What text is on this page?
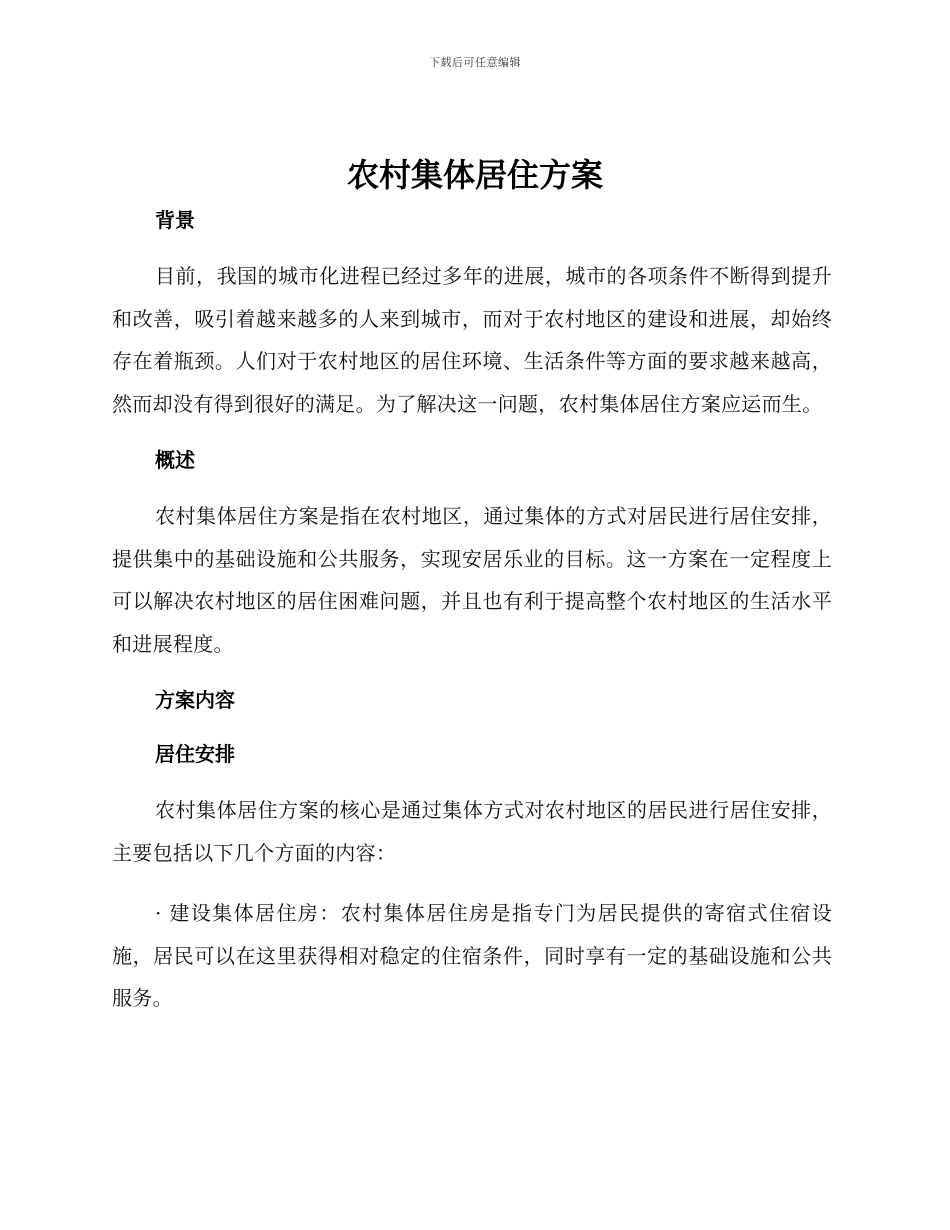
下载后可任意编辑
农村集体居住方案
背景

目前，我国的城市化进程已经过多年的进展，城市的各项条件不断得到提升和改善，吸引着越来越多的人来到城市，而对于农村地区的建设和进展，却始终存在着瓶颈。人们对于农村地区的居住环境、生活条件等方面的要求越来越高，然而却没有得到很好的满足。为了解决这一问题，农村集体居住方案应运而生。

概述

农村集体居住方案是指在农村地区，通过集体的方式对居民进行居住安排，提供集中的基础设施和公共服务，实现安居乐业的目标。这一方案在一定程度上可以解决农村地区的居住困难问题，并且也有利于提高整个农村地区的生活水平和进展程度。

方案内容
居住安排

农村集体居住方案的核心是通过集体方式对农村地区的居民进行居住安排，主要包括以下几个方面的内容：

· 建设集体居住房：农村集体居住房是指专门为居民提供的寄宿式住宿设施，居民可以在这里获得相对稳定的住宿条件，同时享有一定的基础设施和公共服务。
